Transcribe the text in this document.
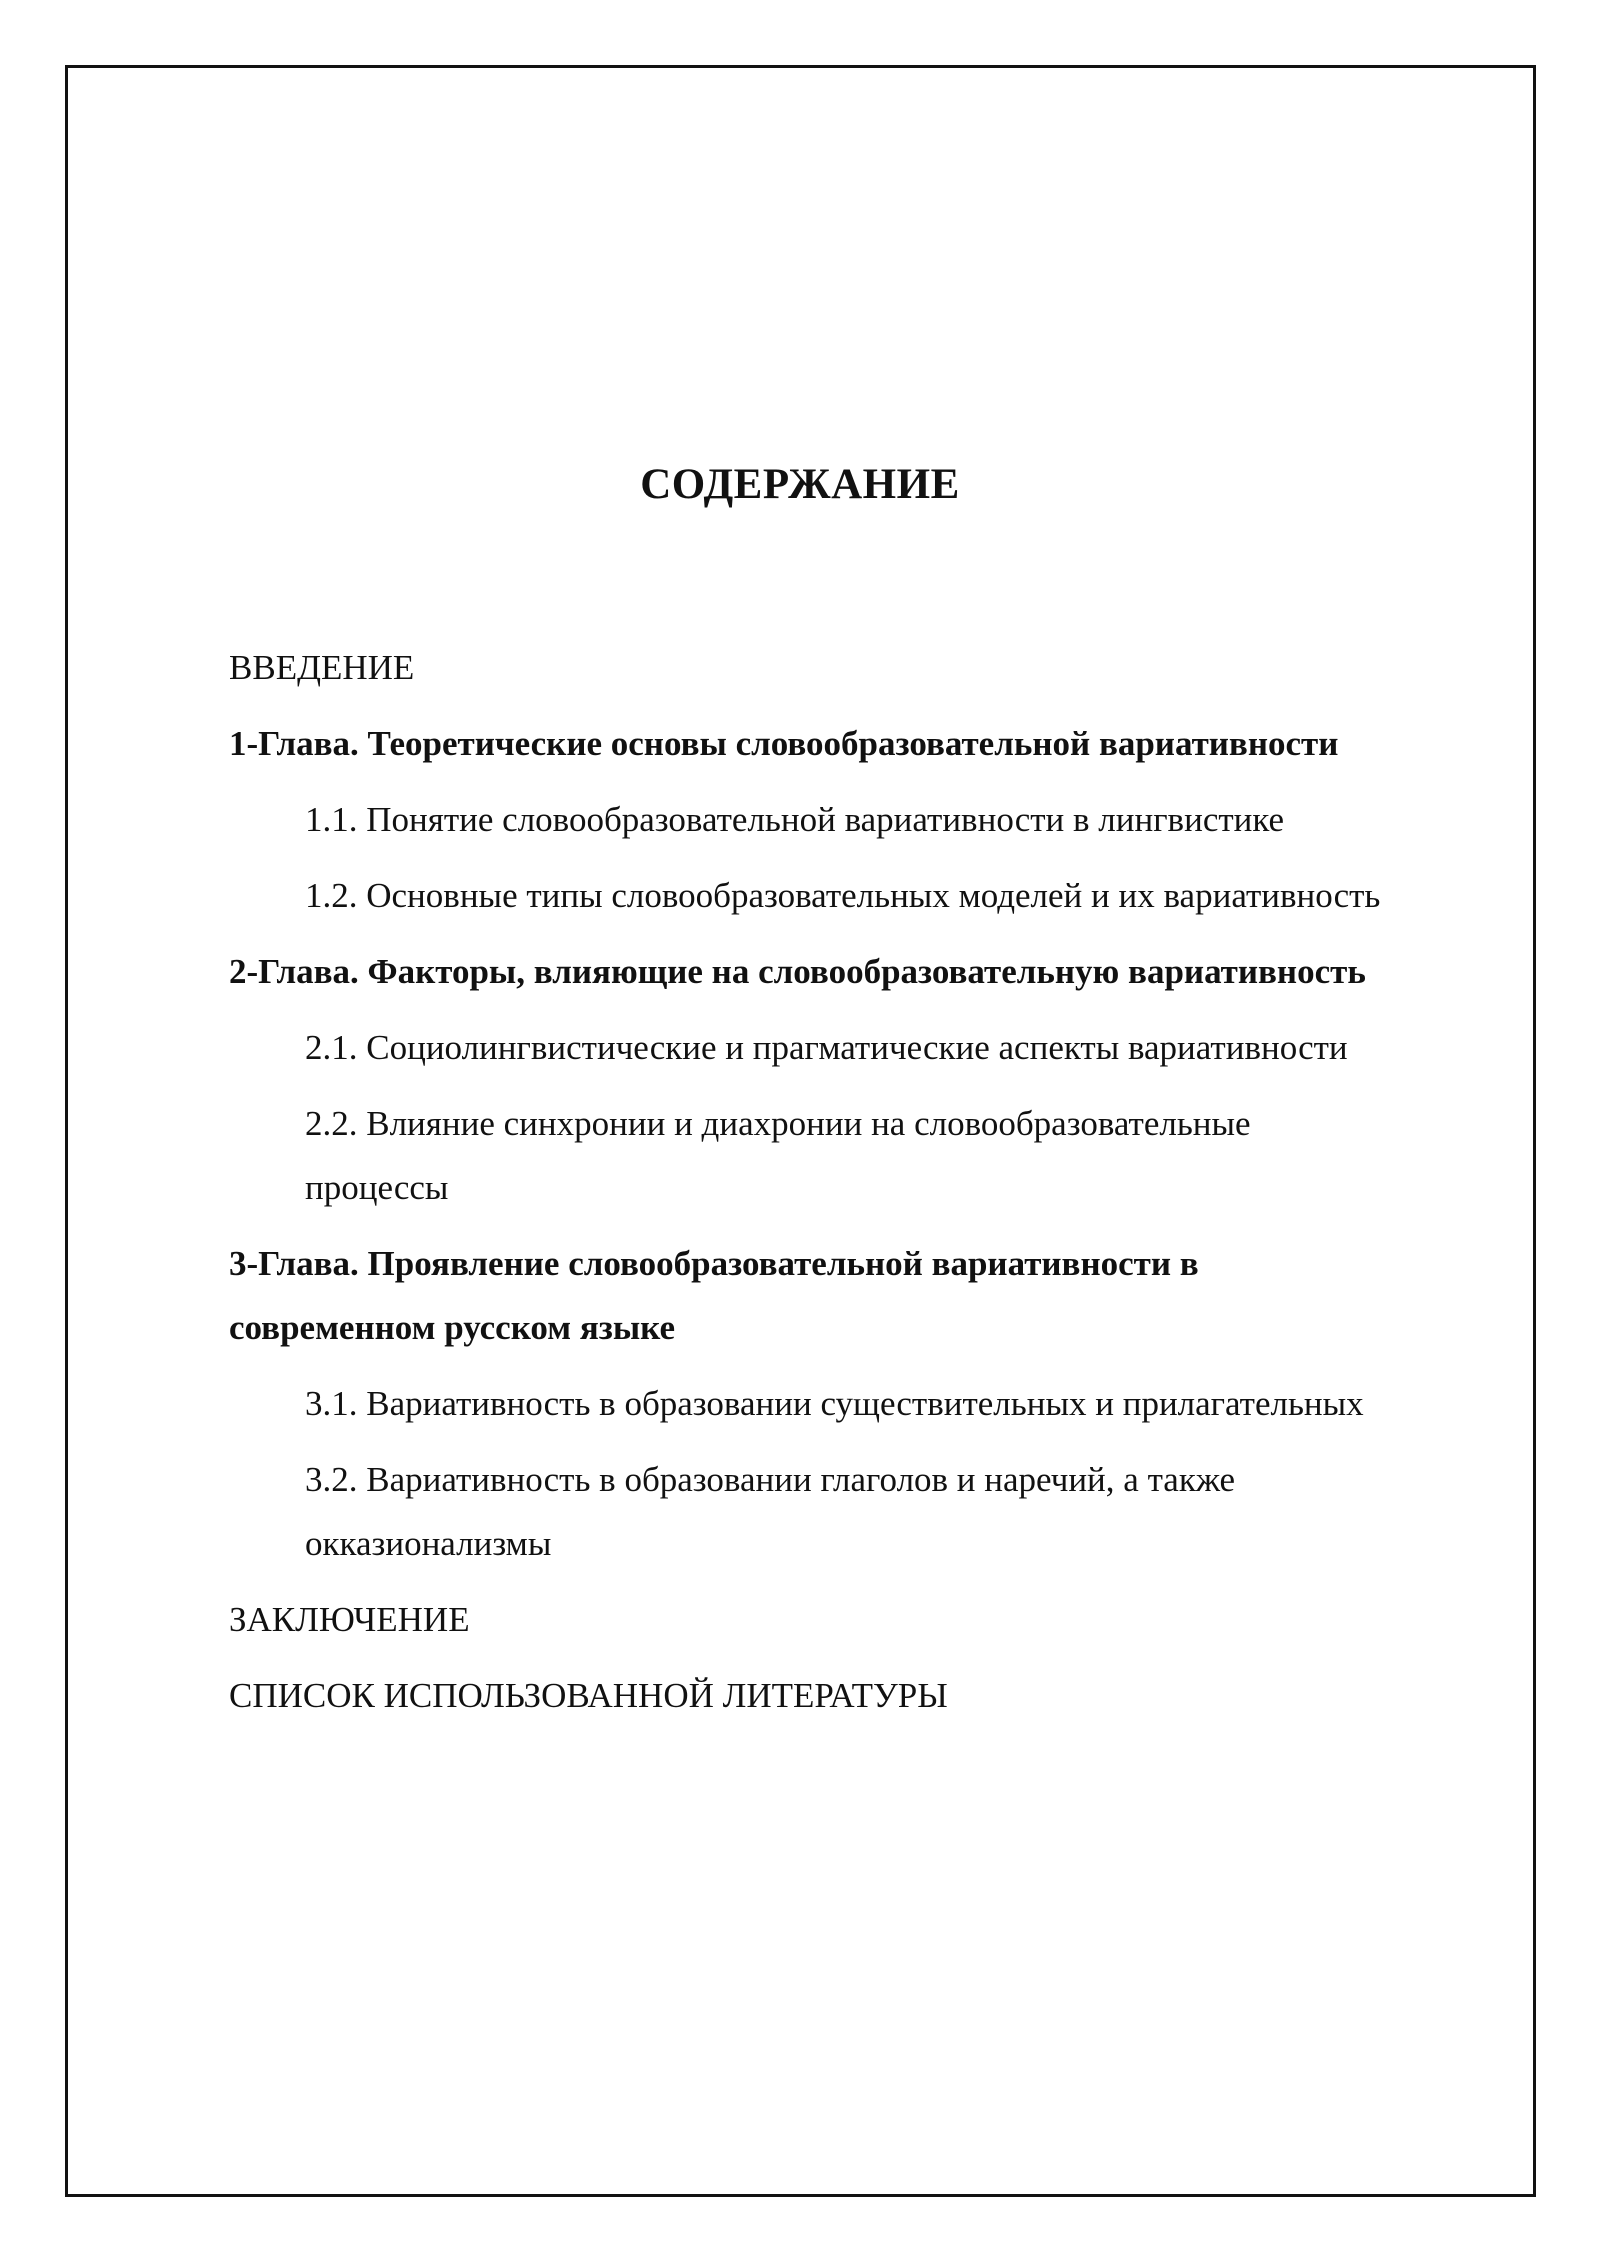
СОДЕРЖАНИЕ
ВВЕДЕНИЕ
1-Глава. Теоретические основы словообразовательной вариативности
1.1. Понятие словообразовательной вариативности в лингвистике
1.2. Основные типы словообразовательных моделей и их вариативность
2-Глава. Факторы, влияющие на словообразовательную вариативность
2.1. Социолингвистические и прагматические аспекты вариативности
2.2. Влияние синхронии и диахронии на словообразовательные процессы
3-Глава. Проявление словообразовательной вариативности в современном русском языке
3.1. Вариативность в образовании существительных и прилагательных
3.2. Вариативность в образовании глаголов и наречий, а также окказионализмы
ЗАКЛЮЧЕНИЕ
СПИСОК ИСПОЛЬЗОВАННОЙ ЛИТЕРАТУРЫ
